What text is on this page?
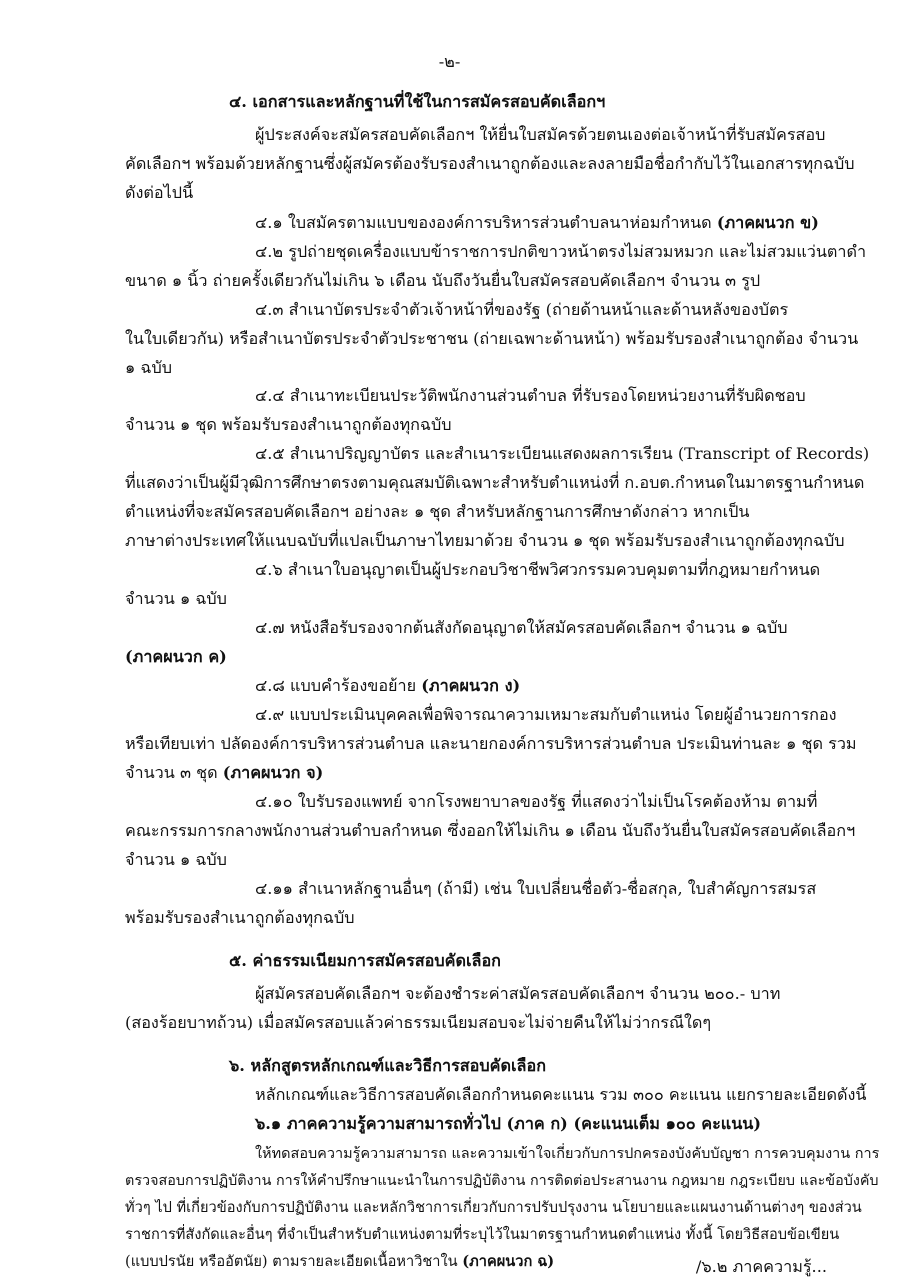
-๒-
๔. เอกสารและหลักฐานที่ใช้ในการสมัครสอบคัดเลือกฯ
ผู้ประสงค์จะสมัครสอบคัดเลือกฯ ให้ยื่นใบสมัครด้วยตนเองต่อเจ้าหน้าที่รับสมัครสอบ
คัดเลือกฯ พร้อมด้วยหลักฐานซึ่งผู้สมัครต้องรับรองสำเนาถูกต้องและลงลายมือชื่อกำกับไว้ในเอกสารทุกฉบับ
ดังต่อไปนี้
๔.๑ ใบสมัครตามแบบขององค์การบริหารส่วนตำบลนาห่อมกำหนด (ภาคผนวก ข)
๔.๒ รูปถ่ายชุดเครื่องแบบข้าราชการปกติขาวหน้าตรงไม่สวมหมวก และไม่สวมแว่นตาดำ
ขนาด ๑ นิ้ว ถ่ายครั้งเดียวกันไม่เกิน ๖ เดือน นับถึงวันยื่นใบสมัครสอบคัดเลือกฯ จำนวน ๓ รูป
๔.๓ สำเนาบัตรประจำตัวเจ้าหน้าที่ของรัฐ (ถ่ายด้านหน้าและด้านหลังของบัตร
ในใบเดียวกัน) หรือสำเนาบัตรประจำตัวประชาชน (ถ่ายเฉพาะด้านหน้า) พร้อมรับรองสำเนาถูกต้อง จำนวน
๑ ฉบับ
๔.๔ สำเนาทะเบียนประวัติพนักงานส่วนตำบล ที่รับรองโดยหน่วยงานที่รับผิดชอบ
จำนวน ๑ ชุด พร้อมรับรองสำเนาถูกต้องทุกฉบับ
๔.๕ สำเนาปริญญาบัตร และสำเนาระเบียนแสดงผลการเรียน (Transcript of Records)
ที่แสดงว่าเป็นผู้มีวุฒิการศึกษาตรงตามคุณสมบัติเฉพาะสำหรับตำแหน่งที่ ก.อบต.กำหนดในมาตรฐานกำหนด
ตำแหน่งที่จะสมัครสอบคัดเลือกฯ อย่างละ ๑ ชุด สำหรับหลักฐานการศึกษาดังกล่าว หากเป็น
ภาษาต่างประเทศให้แนบฉบับที่แปลเป็นภาษาไทยมาด้วย จำนวน ๑ ชุด พร้อมรับรองสำเนาถูกต้องทุกฉบับ
๔.๖ สำเนาใบอนุญาตเป็นผู้ประกอบวิชาชีพวิศวกรรมควบคุมตามที่กฎหมายกำหนด
จำนวน ๑ ฉบับ
๔.๗ หนังสือรับรองจากต้นสังกัดอนุญาตให้สมัครสอบคัดเลือกฯ จำนวน ๑ ฉบับ
(ภาคผนวก ค)
๔.๘ แบบคำร้องขอย้าย (ภาคผนวก ง)
๔.๙ แบบประเมินบุคคลเพื่อพิจารณาความเหมาะสมกับตำแหน่ง โดยผู้อำนวยการกอง
หรือเทียบเท่า ปลัดองค์การบริหารส่วนตำบล และนายกองค์การบริหารส่วนตำบล ประเมินท่านละ ๑ ชุด รวม
จำนวน ๓ ชุด (ภาคผนวก จ)
๔.๑๐ ใบรับรองแพทย์ จากโรงพยาบาลของรัฐ ที่แสดงว่าไม่เป็นโรคต้องห้าม ตามที่
คณะกรรมการกลางพนักงานส่วนตำบลกำหนด ซึ่งออกให้ไม่เกิน ๑ เดือน นับถึงวันยื่นใบสมัครสอบคัดเลือกฯ
จำนวน ๑ ฉบับ
๔.๑๑ สำเนาหลักฐานอื่นๆ (ถ้ามี) เช่น ใบเปลี่ยนชื่อตัว-ชื่อสกุล, ใบสำคัญการสมรส
พร้อมรับรองสำเนาถูกต้องทุกฉบับ
๕. ค่าธรรมเนียมการสมัครสอบคัดเลือก
ผู้สมัครสอบคัดเลือกฯ จะต้องชำระค่าสมัครสอบคัดเลือกฯ จำนวน ๒๐๐.- บาท
(สองร้อยบาทถ้วน) เมื่อสมัครสอบแล้วค่าธรรมเนียมสอบจะไม่จ่ายคืนให้ไม่ว่ากรณีใดๆ
๖. หลักสูตรหลักเกณฑ์และวิธีการสอบคัดเลือก
หลักเกณฑ์และวิธีการสอบคัดเลือกกำหนดคะแนน รวม ๓๐๐ คะแนน แยกรายละเอียดดังนี้
๖.๑ ภาคความรู้ความสามารถทั่วไป (ภาค ก) (คะแนนเต็ม ๑๐๐ คะแนน)
ให้ทดสอบความรู้ความสามารถ และความเข้าใจเกี่ยวกับการปกครองบังคับบัญชา การควบคุมงาน การ
ตรวจสอบการปฏิบัติงาน การให้คำปรึกษาแนะนำในการปฏิบัติงาน การติดต่อประสานงาน กฎหมาย กฎระเบียบ และข้อบังคับ
ทั่วๆ ไป ที่เกี่ยวข้องกับการปฏิบัติงาน และหลักวิชาการเกี่ยวกับการปรับปรุงงาน นโยบายและแผนงานด้านต่างๆ ของส่วน
ราชการที่สังกัดและอื่นๆ ที่จำเป็นสำหรับตำแหน่งตามที่ระบุไว้ในมาตรฐานกำหนดตำแหน่ง ทั้งนี้ โดยวิธีสอบข้อเขียน
(แบบปรนัย หรืออัตนัย) ตามรายละเอียดเนื้อหาวิชาใน (ภาคผนวก ฉ)	/๖.๒ ภาคความรู้...
